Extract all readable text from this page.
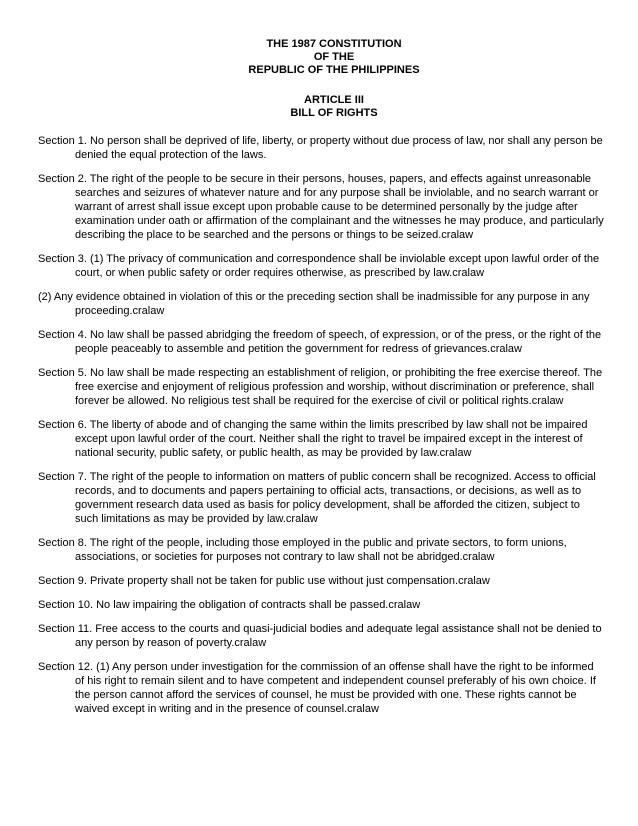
THE 1987 CONSTITUTION
OF THE
REPUBLIC OF THE PHILIPPINES
ARTICLE III
BILL OF RIGHTS

Section 1. No person shall be deprived of life, liberty, or property without due process of law, nor shall any person be denied the equal protection of the laws.

Section 2. The right of the people to be secure in their persons, houses, papers, and effects against unreasonable searches and seizures of whatever nature and for any purpose shall be inviolable, and no search warrant or warrant of arrest shall issue except upon probable cause to be determined personally by the judge after examination under oath or affirmation of the complainant and the witnesses he may produce, and particularly describing the place to be searched and the persons or things to be seized.cralaw

Section 3. (1) The privacy of communication and correspondence shall be inviolable except upon lawful order of the court, or when public safety or order requires otherwise, as prescribed by law.cralaw

(2) Any evidence obtained in violation of this or the preceding section shall be inadmissible for any purpose in any proceeding.cralaw

Section 4. No law shall be passed abridging the freedom of speech, of expression, or of the press, or the right of the people peaceably to assemble and petition the government for redress of grievances.cralaw

Section 5. No law shall be made respecting an establishment of religion, or prohibiting the free exercise thereof. The free exercise and enjoyment of religious profession and worship, without discrimination or preference, shall forever be allowed. No religious test shall be required for the exercise of civil or political rights.cralaw

Section 6. The liberty of abode and of changing the same within the limits prescribed by law shall not be impaired except upon lawful order of the court. Neither shall the right to travel be impaired except in the interest of national security, public safety, or public health, as may be provided by law.cralaw

Section 7. The right of the people to information on matters of public concern shall be recognized. Access to official records, and to documents and papers pertaining to official acts, transactions, or decisions, as well as to government research data used as basis for policy development, shall be afforded the citizen, subject to such limitations as may be provided by law.cralaw

Section 8. The right of the people, including those employed in the public and private sectors, to form unions, associations, or societies for purposes not contrary to law shall not be abridged.cralaw

Section 9. Private property shall not be taken for public use without just compensation.cralaw

Section 10. No law impairing the obligation of contracts shall be passed.cralaw

Section 11. Free access to the courts and quasi-judicial bodies and adequate legal assistance shall not be denied to any person by reason of poverty.cralaw

Section 12. (1) Any person under investigation for the commission of an offense shall have the right to be informed of his right to remain silent and to have competent and independent counsel preferably of his own choice. If the person cannot afford the services of counsel, he must be provided with one. These rights cannot be waived except in writing and in the presence of counsel.cralaw
